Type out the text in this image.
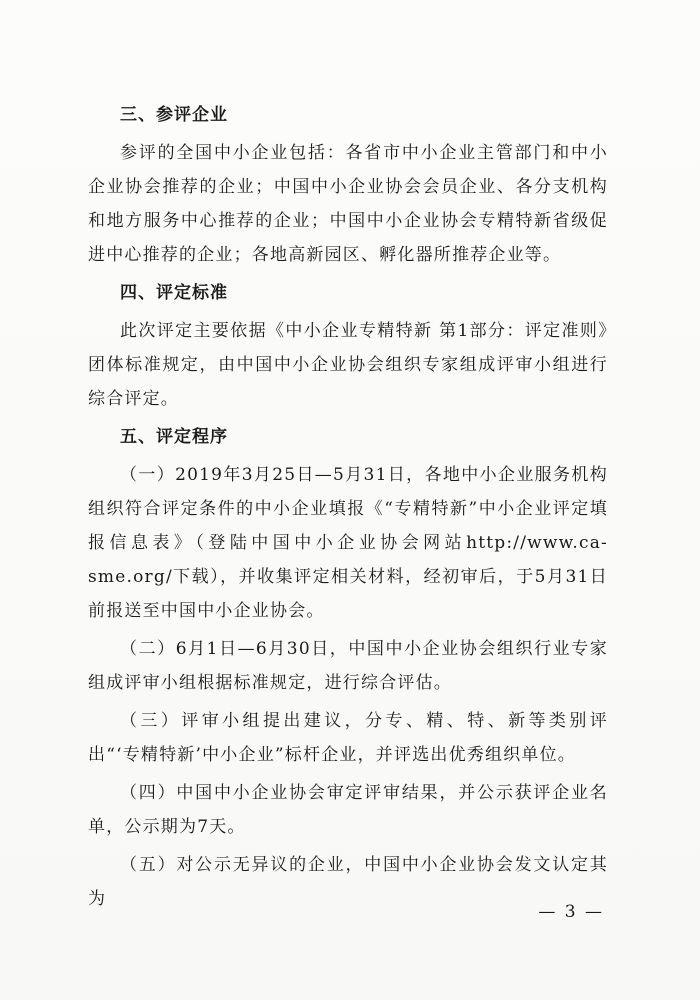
三、参评企业

参评的全国中小企业包括：各省市中小企业主管部门和中小企业协会推荐的企业；中国中小企业协会会员企业、各分支机构和地方服务中心推荐的企业；中国中小企业协会专精特新省级促进中心推荐的企业；各地高新园区、孵化器所推荐企业等。

四、评定标准

此次评定主要依据《中小企业专精特新 第1部分：评定准则》团体标准规定，由中国中小企业协会组织专家组成评审小组进行综合评定。

五、评定程序

（一）2019年3月25日—5月31日，各地中小企业服务机构组织符合评定条件的中小企业填报《“专精特新”中小企业评定填报信息表》（登陆中国中小企业协会网站http://www.ca-sme.org/下载），并收集评定相关材料，经初审后，于5月31日前报送至中国中小企业协会。

（二）6月1日—6月30日，中国中小企业协会组织行业专家组成评审小组根据标准规定，进行综合评估。

（三）评审小组提出建议，分专、精、特、新等类别评出“‘专精特新’中小企业”标杆企业，并评选出优秀组织单位。

（四）中国中小企业协会审定评审结果，并公示获评企业名单，公示期为7天。

（五）对公示无异议的企业，中国中小企业协会发文认定其为

— 3 —
